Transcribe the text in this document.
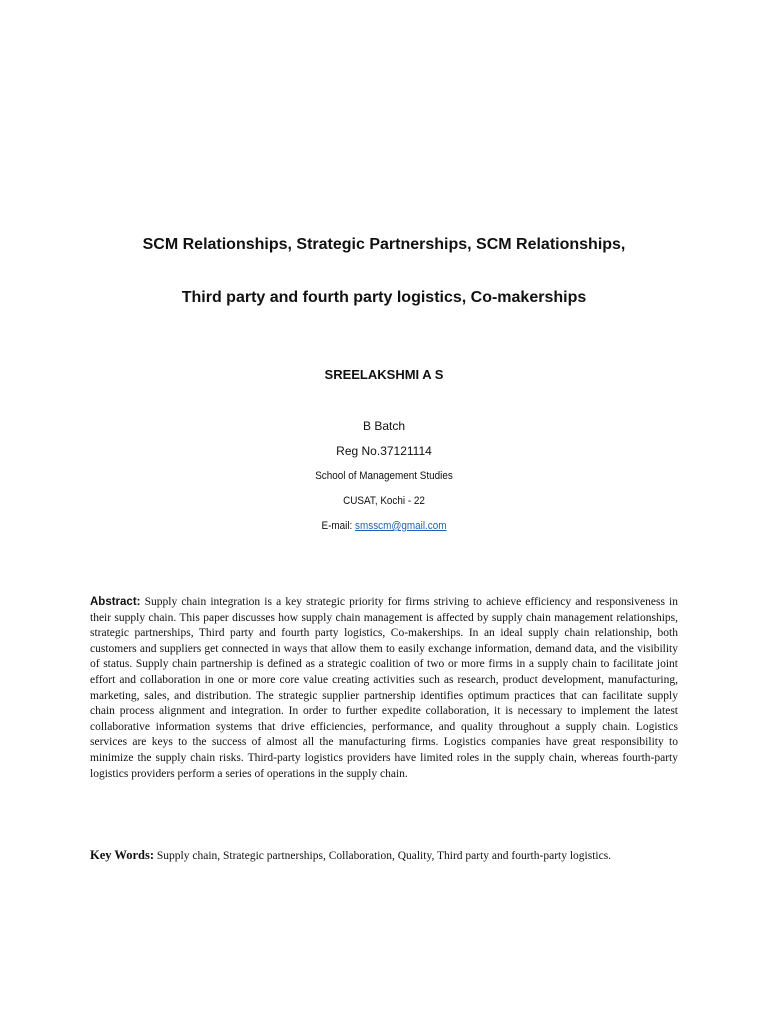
SCM Relationships, Strategic Partnerships, SCM Relationships,
Third party and fourth party logistics, Co-makerships
SREELAKSHMI A S
B Batch
Reg No.37121114
School of Management Studies
CUSAT, Kochi - 22
E-mail: smsscm@gmail.com
Abstract: Supply chain integration is a key strategic priority for firms striving to achieve efficiency and responsiveness in their supply chain. This paper discusses how supply chain management is affected by supply chain management relationships, strategic partnerships, Third party and fourth party logistics, Co-makerships. In an ideal supply chain relationship, both customers and suppliers get connected in ways that allow them to easily exchange information, demand data, and the visibility of status. Supply chain partnership is defined as a strategic coalition of two or more firms in a supply chain to facilitate joint effort and collaboration in one or more core value creating activities such as research, product development, manufacturing, marketing, sales, and distribution. The strategic supplier partnership identifies optimum practices that can facilitate supply chain process alignment and integration. In order to further expedite collaboration, it is necessary to implement the latest collaborative information systems that drive efficiencies, performance, and quality throughout a supply chain. Logistics services are keys to the success of almost all the manufacturing firms. Logistics companies have great responsibility to minimize the supply chain risks. Third-party logistics providers have limited roles in the supply chain, whereas fourth-party logistics providers perform a series of operations in the supply chain.
Key Words: Supply chain, Strategic partnerships, Collaboration, Quality, Third party and fourth-party logistics.
